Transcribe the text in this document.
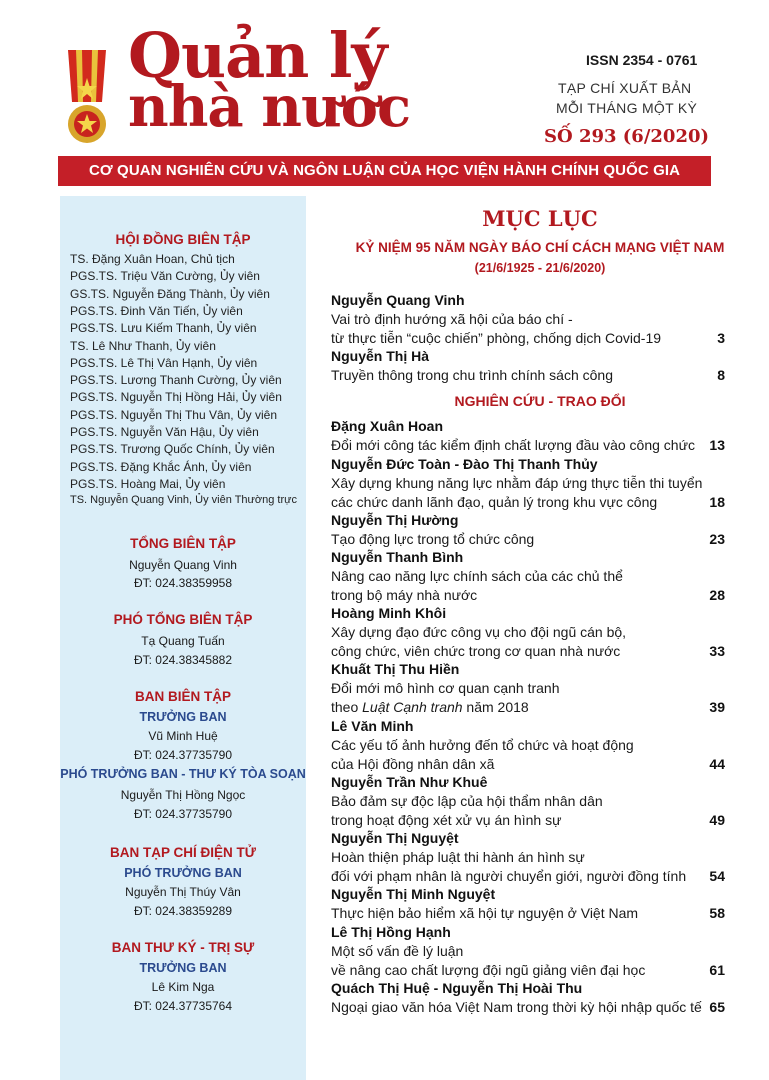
Quản lý
nhà nước
ISSN 2354 - 0761
TẠP CHÍ XUẤT BẢN
MỖI THÁNG MỘT KỲ
SỐ 293 (6/2020)
CƠ QUAN NGHIÊN CỨU VÀ NGÔN LUẬN CỦA HỌC VIỆN HÀNH CHÍNH QUỐC GIA
HỘI ĐỒNG BIÊN TẬP
TỔNG BIÊN TẬP
Nguyễn Quang Vinh
ĐT: 024.38359958
PHÓ TỔNG BIÊN TẬP
Tạ Quang Tuấn
ĐT: 024.38345882
BAN BIÊN TẬP
TRƯỞNG BAN
Vũ Minh Huệ
ĐT: 024.37735790
PHÓ TRƯỞNG BAN - THƯ KÝ TÒA SOẠN
Nguyễn Thị Hồng Ngọc
ĐT: 024.37735790
BAN TẠP CHÍ ĐIỆN TỬ
PHÓ TRƯỞNG BAN
Nguyễn Thị Thúy Vân
ĐT: 024.38359289
BAN THƯ KÝ - TRỊ SỰ
TRƯỞNG BAN
Lê Kim Nga
ĐT: 024.37735764
TS. Đặng Xuân Hoan, Chủ tịch
PGS.TS. Triệu Văn Cường, Ủy viên
GS.TS. Nguyễn Đăng Thành, Ủy viên
PGS.TS. Đinh Văn Tiến, Ủy viên
PGS.TS. Lưu Kiếm Thanh, Ủy viên
TS. Lê Như Thanh, Ủy viên
PGS.TS. Lê Thị Vân Hạnh, Ủy viên
PGS.TS. Lương Thanh Cường, Ủy viên
PGS.TS. Nguyễn Thị Hồng Hải, Ủy viên
PGS.TS. Nguyễn Thị Thu Vân, Ủy viên
PGS.TS. Nguyễn Văn Hậu, Ủy viên
PGS.TS. Trương Quốc Chính, Ủy viên
PGS.TS. Đặng Khắc Ánh, Ủy viên
PGS.TS. Hoàng Mai, Ủy viên
TS. Nguyễn Quang Vinh, Ủy viên Thường trực
MỤC LỤC
KỶ NIỆM 95 NĂM NGÀY BÁO CHÍ CÁCH MẠNG VIỆT NAM
(21/6/1925 - 21/6/2020)
NGHIÊN CỨU - TRAO ĐỔI
Nguyễn Quang Vinh
Vai trò định hướng xã hội của báo chí -
từ thực tiễn “cuộc chiến” phòng, chống dịch Covid-19	3
Nguyễn Thị Hà
Truyền thông trong chu trình chính sách công	8
Đặng Xuân Hoan
Đổi mới công tác kiểm định chất lượng đầu vào công chức 13
Nguyễn Đức Toàn - Đào Thị Thanh Thủy
Xây dựng khung năng lực nhằm đáp ứng thực tiễn thi tuyển
các chức danh lãnh đạo, quản lý trong khu vực công	18
Nguyễn Thị Hường
Tạo động lực trong tổ chức công	23
Nguyễn Thanh Bình
Nâng cao năng lực chính sách của các chủ thể
trong bộ máy nhà nước	28
Hoàng Minh Khôi
Xây dựng đạo đức công vụ cho đội ngũ cán bộ,
công chức, viên chức trong cơ quan nhà nước	33
Khuất Thị Thu Hiền
Đổi mới mô hình cơ quan cạnh tranh
theo Luật Cạnh tranh năm 2018	39
Lê Văn Minh
Các yếu tố ảnh hưởng đến tổ chức và hoạt động
của Hội đồng nhân dân xã	44
Nguyễn Trần Như Khuê
Bảo đảm sự độc lập của hội thẩm nhân dân
trong hoạt động xét xử vụ án hình sự	49
Nguyễn Thị Nguyệt
Hoàn thiện pháp luật thi hành án hình sự
đối với phạm nhân là người chuyển giới, người đồng tính 54
Nguyễn Thị Minh Nguyệt
Thực hiện bảo hiểm xã hội tự nguyện ở Việt Nam	58
Lê Thị Hồng Hạnh
Một số vấn đề lý luận
về nâng cao chất lượng đội ngũ giảng viên đại học	61
Quách Thị Huệ - Nguyễn Thị Hoài Thu
Ngoại giao văn hóa Việt Nam trong thời kỳ hội nhập quốc tế 65
